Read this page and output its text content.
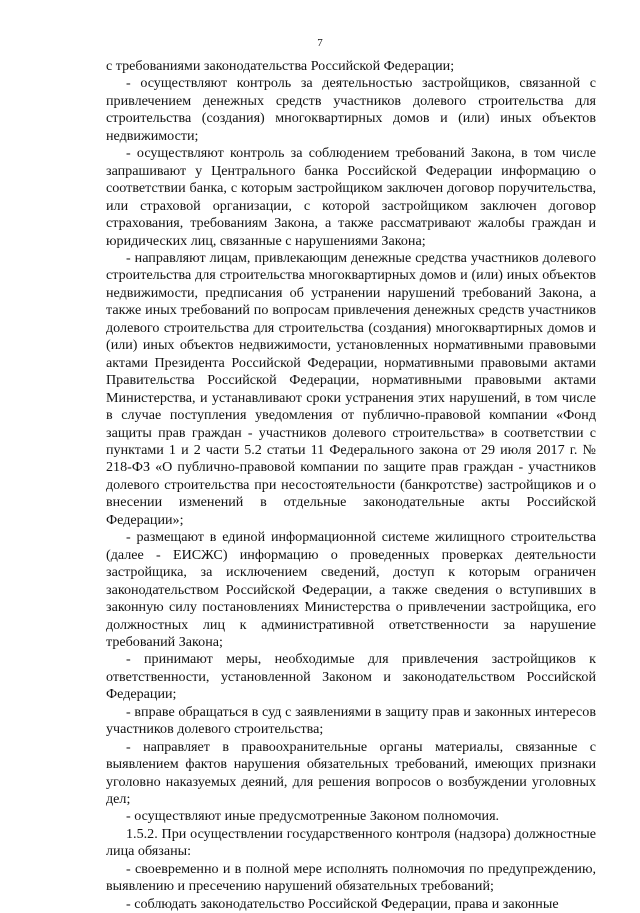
7

с требованиями законодательства Российской Федерации;

- осуществляют контроль за деятельностью застройщиков, связанной с привлечением денежных средств участников долевого строительства для строительства (создания) многоквартирных домов и (или) иных объектов недвижимости;

- осуществляют контроль за соблюдением требований Закона, в том числе запрашивают у Центрального банка Российской Федерации информацию о соответствии банка, с которым застройщиком заключен договор поручительства, или страховой организации, с которой застройщиком заключен договор страхования, требованиям Закона, а также рассматривают жалобы граждан и юридических лиц, связанные с нарушениями Закона;

- направляют лицам, привлекающим денежные средства участников долевого строительства для строительства многоквартирных домов и (или) иных объектов недвижимости, предписания об устранении нарушений требований Закона, а также иных требований по вопросам привлечения денежных средств участников долевого строительства для строительства (создания) многоквартирных домов и (или) иных объектов недвижимости, установленных нормативными правовыми актами Президента Российской Федерации, нормативными правовыми актами Правительства Российской Федерации, нормативными правовыми актами Министерства, и устанавливают сроки устранения этих нарушений, в том числе в случае поступления уведомления от публично-правовой компании «Фонд защиты прав граждан - участников долевого строительства» в соответствии с пунктами 1 и 2 части 5.2 статьи 11 Федерального закона от 29 июля 2017 г. № 218-ФЗ «О публично-правовой компании по защите прав граждан - участников долевого строительства при несостоятельности (банкротстве) застройщиков и о внесении изменений в отдельные законодательные акты Российской Федерации»;

- размещают в единой информационной системе жилищного строительства (далее - ЕИСЖС) информацию о проведенных проверках деятельности застройщика, за исключением сведений, доступ к которым ограничен законодательством Российской Федерации, а также сведения о вступивших в законную силу постановлениях Министерства о привлечении застройщика, его должностных лиц к административной ответственности за нарушение требований Закона;

- принимают меры, необходимые для привлечения застройщиков к ответственности, установленной Законом и законодательством Российской Федерации;

- вправе обращаться в суд с заявлениями в защиту прав и законных интересов участников долевого строительства;

- направляет в правоохранительные органы материалы, связанные с выявлением фактов нарушения обязательных требований, имеющих признаки уголовно наказуемых деяний, для решения вопросов о возбуждении уголовных дел;

- осуществляют иные предусмотренные Законом полномочия.

1.5.2. При осуществлении государственного контроля (надзора) должностные лица обязаны:

- своевременно и в полной мере исполнять полномочия по предупреждению, выявлению и пресечению нарушений обязательных требований;

- соблюдать законодательство Российской Федерации, права и законные
